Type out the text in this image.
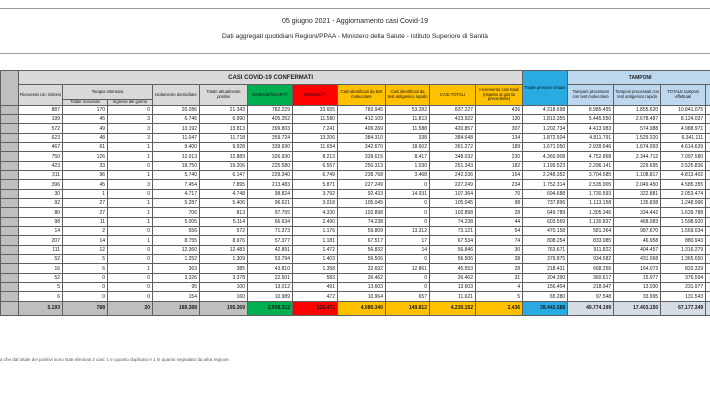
05 giugno 2021 - Aggiornamento casi Covid-19
Dati aggregati quotidiani Regioni/PPAA - Ministero della Salute - Istituto Superiore di Sanità
	CASI COVID-19 CONFERMATI											Totale persone testate	TAMPONI			
	Ricoverati con sintomi	Terapia intensiva		Isolamento domiciliare	Totale attualmente positivi	DIMESSI/GUARITI	DECEDUTI	Casi identificati da test molecolare	Casi identificati da test antigenico rapido	CASI TOTALI	Incremento casi totali (rispetto al giorno precedente)		Tamponi processati con test molecolare	Tamponi processati con test antigenico rapido	TOTALE tamponi effettuati	
		Totale ricoverati	Ingressi del giorno													
	887	170	0	20.286	21.343	782.229	33.655	783.945	53.282	837.227	436	4.318.698	8.985.455	1.855.620	10.841.075	
	199	45	3	6.746	6.990	405.352	11.580	412.109	11.813	423.922	130	1.813.355	5.445.550	2.678.487	8.124.037	
	572	49	3	13.192	13.813	399.803	7.241	409.269	11.588	420.857	307	1.202.734	4.413.983	574.988	4.988.971	
	623	48	3	11.047	11.718	359.724	13.206	384.310	338	384.648	134	1.872.504	4.811.791	1.529.320	6.341.111	
	467	61	1	9.400	9.928	339.690	11.654	342.670	18.602	361.272	189	1.671.050	2.939.646	1.674.993	4.614.639	
	750	126	1	12.013	12.889	326.930	8.213	339.615	8.417	348.032	230	4.360.908	4.752.868	2.344.712	7.097.580	
	423	33	0	18.750	19.206	225.580	6.557	250.313	1.030	251.343	182	1.199.523	2.296.141	229.695	2.525.836	
	311	96	1	5.740	6.147	229.340	6.749	238.768	3.468	242.236	154	2.248.352	3.704.585	1.108.817	4.813.402	
	396	45	3	7.454	7.895	213.483	5.871	227.249	0	227.249	234	1.752.314	2.535.905	2.049.450	4.585.355	
	30	1	0	4.717	4.748	98.824	3.792	92.433	14.931	107.364	70	694.688	1.730.593	322.881	2.053.474	
	92	27	1	5.287	5.406	96.621	3.018	105.045	0	105.045	98	737.896	1.113.158	135.838	1.248.996	
	80	27	1	706	813	97.755	4.330	102.898	0	102.898	28	649.789	1.305.346	334.442	1.639.788	
	98	11	1	5.005	5.114	66.634	2.490	74.238	0	74.238	44	603.569	1.130.837	468.083	1.598.920	
	14	2	0	556	572	71.373	1.176	59.809	13.312	73.121	54	470.158	581.364	987.670	1.569.034	
	207	14	1	8.755	8.976	57.377	1.181	67.517	17	67.534	74	808.254	833.985	46.958	880.943	
	111	12	0	12.360	12.483	42.891	1.472	56.832	14	56.846	30	763.671	911.822	404.457	1.316.279	
	52	5	0	1.252	1.309	53.794	1.403	56.506	0	56.506	38	379.875	934.582	431.068	1.365.650	
	16	6	1	363	385	43.810	1.358	32.692	12.861	45.553	28	218.431	668.256	164.073	832.329	
	52	0	0	3.326	3.378	22.501	583	26.462	0	26.462	31	204.390	360.617	15.977	376.594	
	5	0	0	95	100	13.012	491	13.603	0	13.603	4	156.404	218.947	13.030	231.977	
	6	0	0	154	160	10.989	472	10.964	657	11.621	5	65.280	97.548	33.995	131.543	
	5.193	788	20	189.388	195.369	3.908.312	126.471	4.080.340	149.812	4.230.152	2.436	28.442.588	49.774.199	17.403.150	67.177.349	
a che dal totale dei positivi sono stati eliminati 2 casi: 1 in quanto duplicato e 1 in quanto segnalato da altra regione.
